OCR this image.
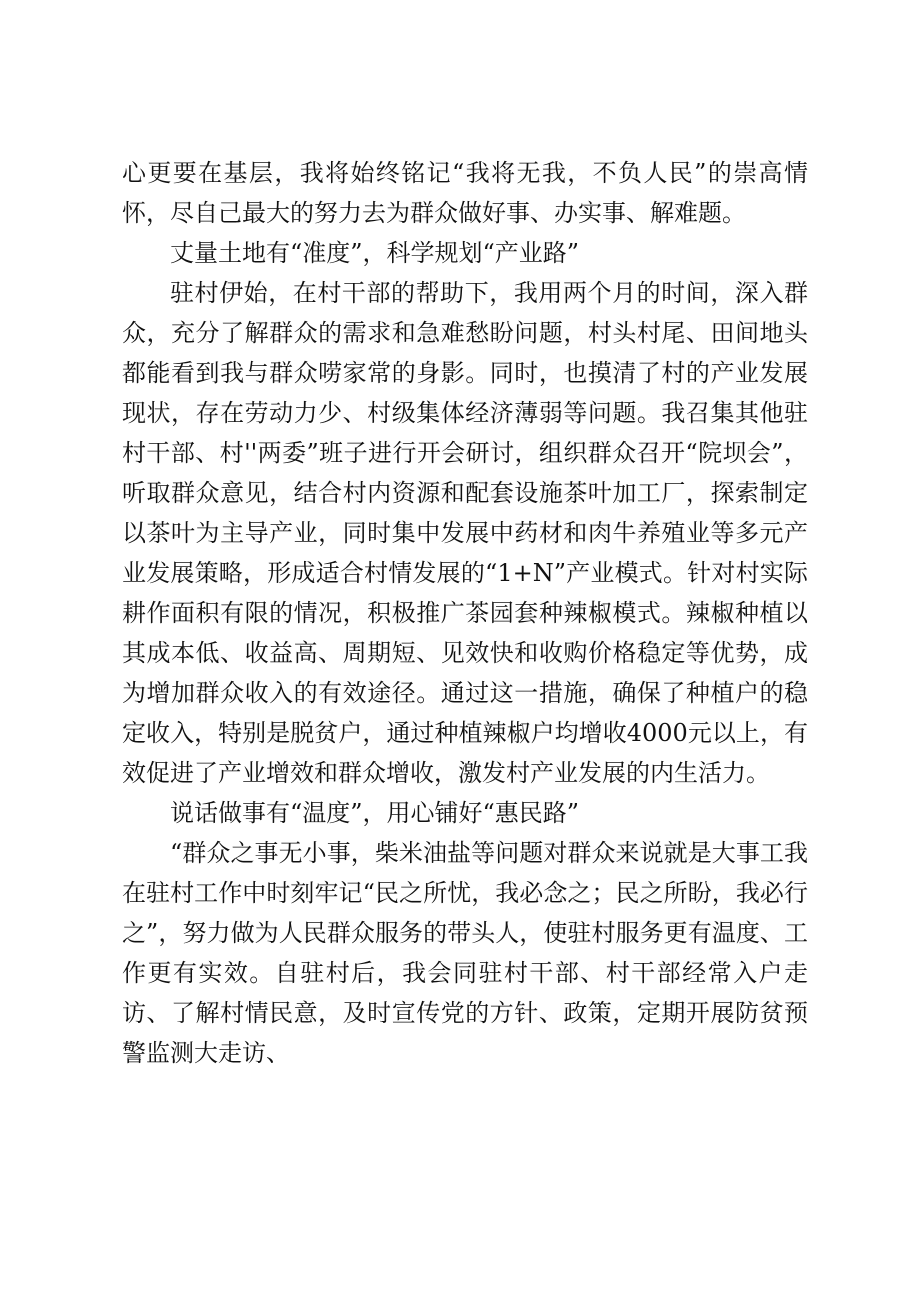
心更要在基层，我将始终铭记“我将无我，不负人民”的崇高情怀，尽自己最大的努力去为群众做好事、办实事、解难题。

丈量土地有“准度”，科学规划“产业路”

驻村伊始，在村干部的帮助下，我用两个月的时间，深入群众，充分了解群众的需求和急难愁盼问题，村头村尾、田间地头都能看到我与群众唠家常的身影。同时，也摸清了村的产业发展现状，存在劳动力少、村级集体经济薄弱等问题。我召集其他驻村干部、村''两委”班子进行开会研讨，组织群众召开“院坝会”，听取群众意见，结合村内资源和配套设施茶叶加工厂，探索制定以茶叶为主导产业，同时集中发展中药材和肉牛养殖业等多元产业发展策略，形成适合村情发展的“1+N”产业模式。针对村实际耕作面积有限的情况，积极推广茶园套种辣椒模式。辣椒种植以其成本低、收益高、周期短、见效快和收购价格稳定等优势，成为增加群众收入的有效途径。通过这一措施，确保了种植户的稳定收入，特别是脱贫户，通过种植辣椒户均增收4000元以上，有效促进了产业增效和群众增收，激发村产业发展的内生活力。

说话做事有“温度”，用心铺好“惠民路”

“群众之事无小事，柴米油盐等问题对群众来说就是大事工我在驻村工作中时刻牢记“民之所忧，我必念之；民之所盼，我必行之”，努力做为人民群众服务的带头人，使驻村服务更有温度、工作更有实效。自驻村后，我会同驻村干部、村干部经常入户走访、了解村情民意，及时宣传党的方针、政策，定期开展防贫预警监测大走访、
